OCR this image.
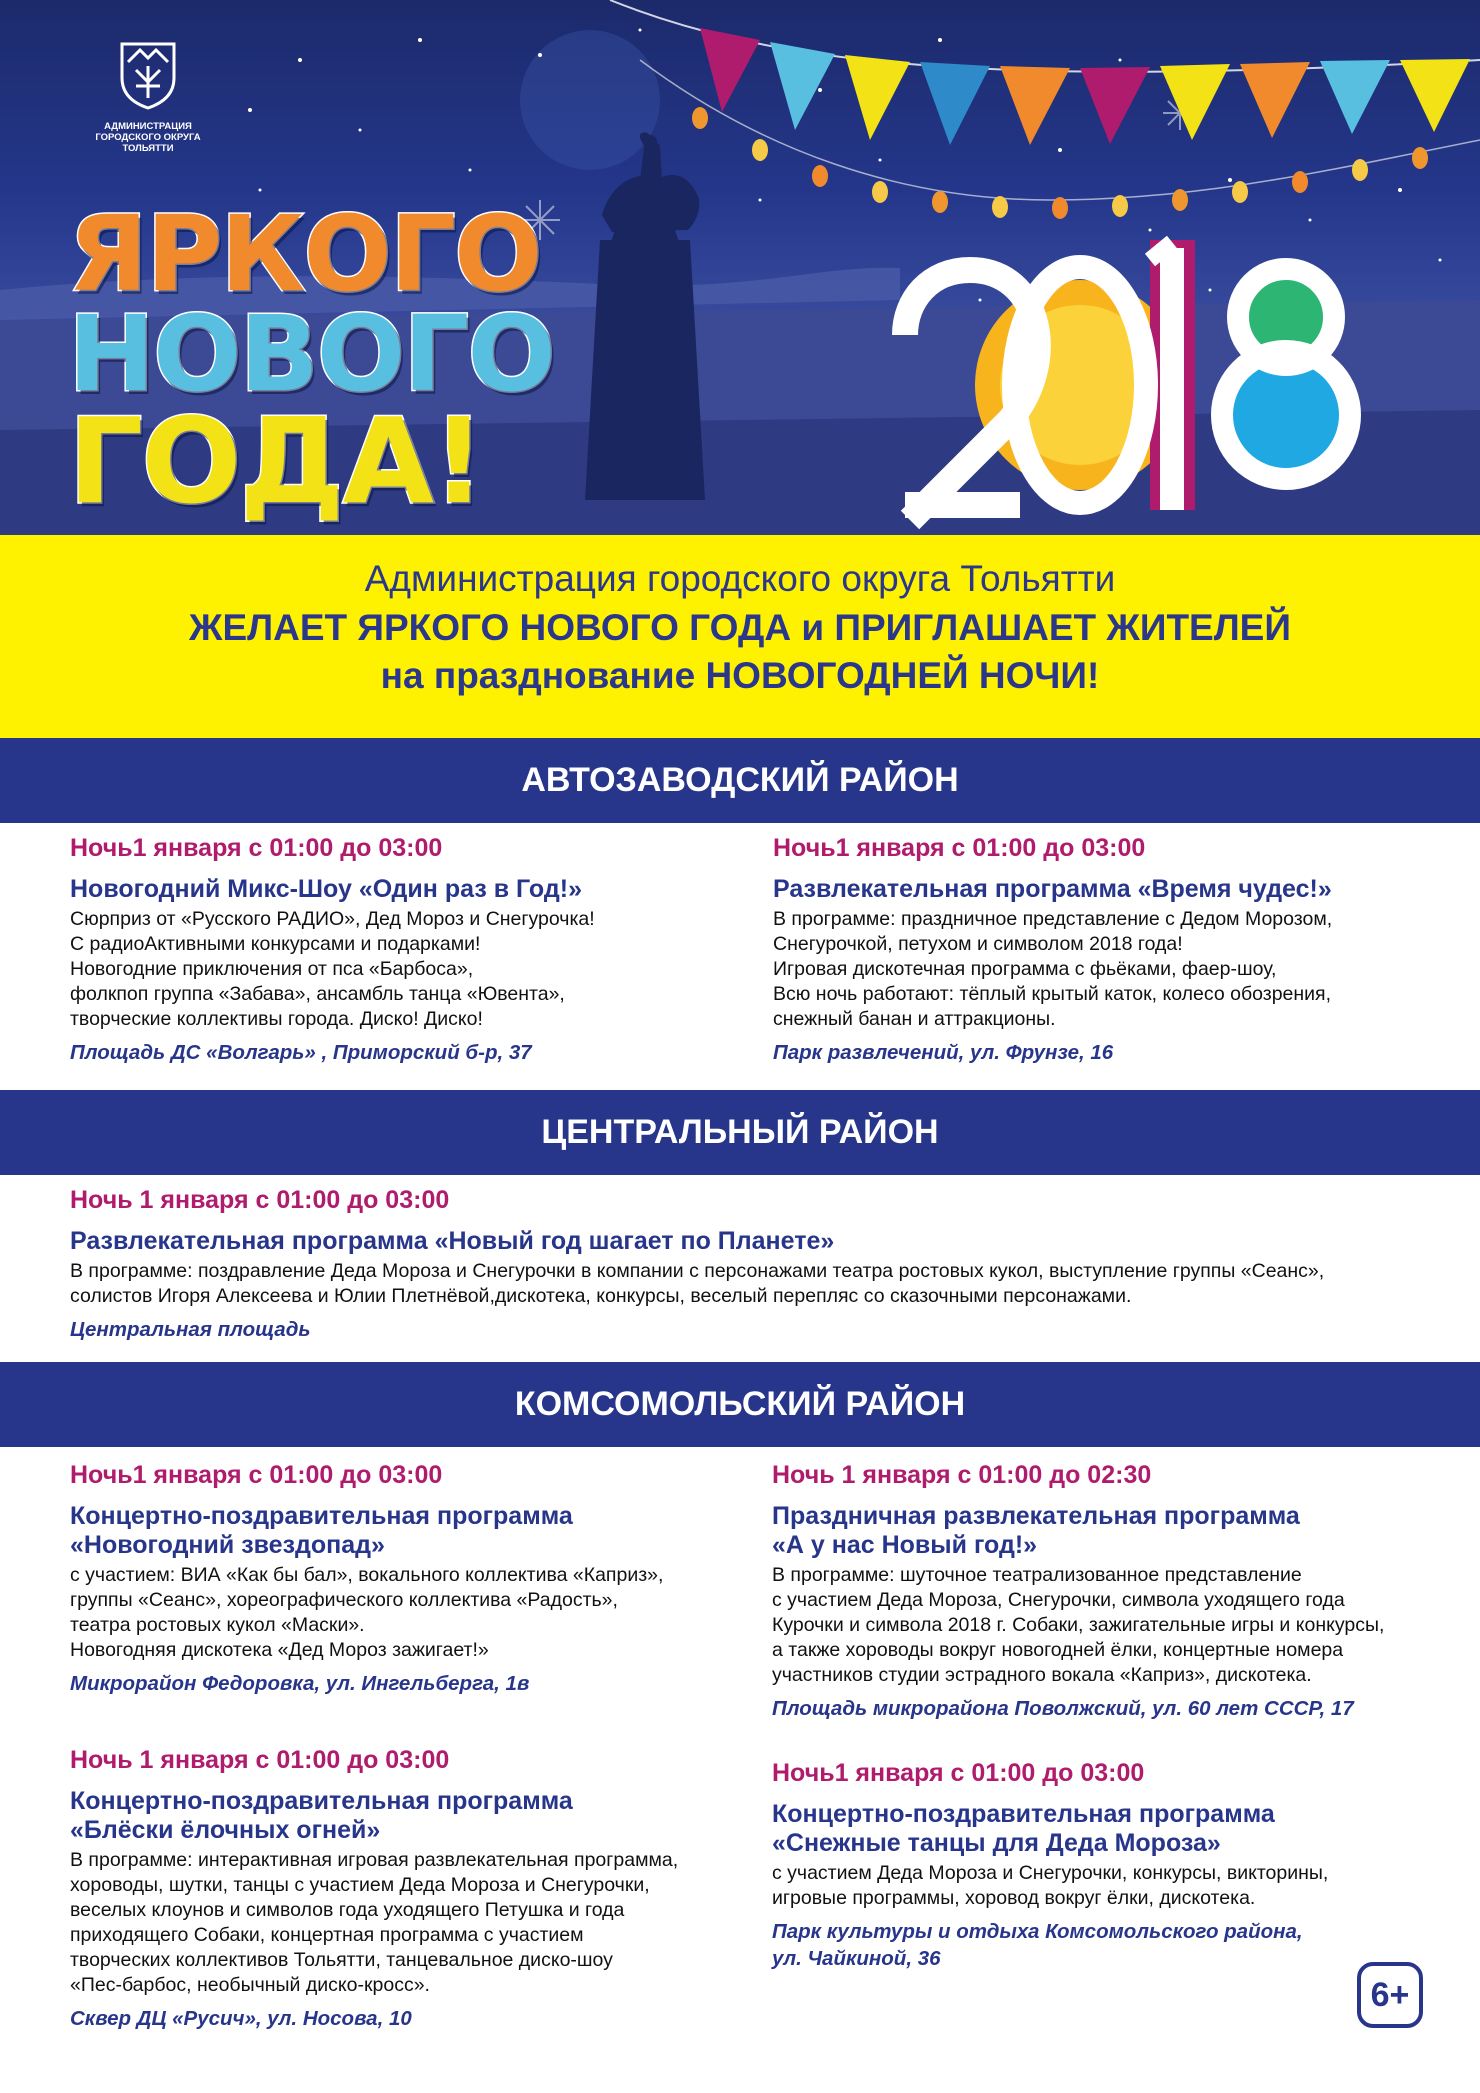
АДМИНИСТРАЦИЯ ГОРОДСКОГО ОКРУГА ТОЛЬЯТТИ
ЯРКОГО
НОВОГО
ГОДА!
Администрация городского округа Тольятти
ЖЕЛАЕТ ЯРКОГО НОВОГО ГОДА и ПРИГЛАШАЕТ ЖИТЕЛЕЙ
на празднование НОВОГОДНЕЙ НОЧИ!
АВТОЗАВОДСКИЙ РАЙОН
Ночь1 января с 01:00 до 03:00
Новогодний Микс-Шоу «Один раз в Год!»
Сюрприз от «Русского РАДИО», Дед Мороз и Снегурочка!
С радиоАктивными конкурсами и подарками!
Новогодние приключения от пса «Барбоса»,
фолкпоп группа «Забава», ансамбль танца «Ювента»,
творческие коллективы города. Диско! Диско!
Площадь ДС «Волгарь» , Приморский б-р, 37
Ночь1 января с 01:00 до 03:00
Развлекательная программа «Время чудес!»
В программе: праздничное представление с Дедом Морозом,
Снегурочкой, петухом и символом 2018 года!
Игровая дискотечная программа с фьёками, фаер-шоу,
Всю ночь работают: тёплый крытый каток, колесо обозрения,
снежный банан и аттракционы.
Парк развлечений, ул. Фрунзе, 16
ЦЕНТРАЛЬНЫЙ РАЙОН
Ночь 1 января с 01:00 до 03:00
Развлекательная программа «Новый год шагает по Планете»
В программе: поздравление Деда Мороза и Снегурочки в компании с персонажами театра ростовых кукол, выступление группы «Сеанс»,
солистов Игоря Алексеева и Юлии Плетнёвой,дискотека, конкурсы, веселый перепляс со сказочными персонажами.
Центральная площадь
КОМСОМОЛЬСКИЙ РАЙОН
Ночь1 января с 01:00 до 03:00
Концертно-поздравительная программа
«Новогодний звездопад»
с участием: ВИА «Как бы бал», вокального коллектива «Каприз»,
группы «Сеанс», хореографического коллектива «Радость»,
театра ростовых кукол «Маски».
Новогодняя дискотека «Дед Мороз зажигает!»
Микрорайон Федоровка, ул. Ингельберга, 1в
Ночь 1 января с 01:00 до 02:30
Праздничная развлекательная программа
«А у нас Новый год!»
В программе: шуточное театрализованное представление
с участием Деда Мороза, Снегурочки, символа уходящего года
Курочки и символа 2018 г. Собаки, зажигательные игры и конкурсы,
а также хороводы вокруг новогодней ёлки, концертные номера
участников студии эстрадного вокала «Каприз», дискотека.
Площадь микрорайона Поволжский, ул. 60 лет СССР, 17
Ночь 1 января с 01:00 до 03:00
Концертно-поздравительная программа
«Блёски ёлочных огней»
В программе: интерактивная игровая развлекательная программа,
хороводы, шутки, танцы с участием Деда Мороза и Снегурочки,
веселых клоунов и символов года уходящего Петушка и года
приходящего Собаки, концертная программа с участием
творческих коллективов Тольятти, танцевальное диско-шоу
«Пес-барбос, необычный диско-кросс».
Сквер ДЦ «Русич», ул. Носова, 10
Ночь1 января с 01:00 до 03:00
Концертно-поздравительная программа
«Снежные танцы для Деда Мороза»
с участием Деда Мороза и Снегурочки, конкурсы, викторины,
игровые программы, хоровод вокруг ёлки, дискотека.
Парк культуры и отдыха Комсомольского района,
ул. Чайкиной, 36
6+
